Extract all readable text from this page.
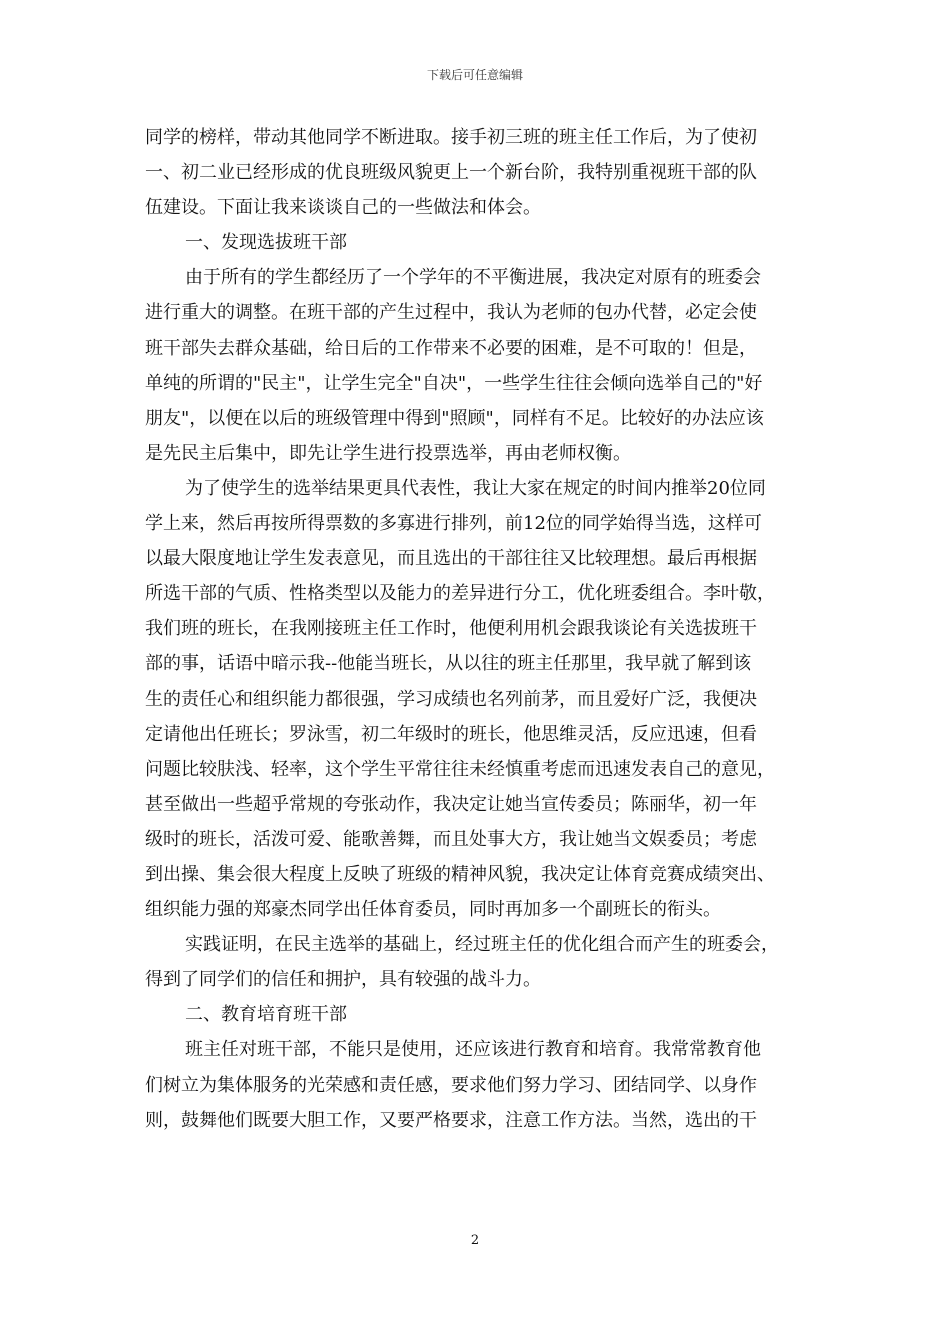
下载后可任意编辑
同学的榜样，带动其他同学不断进取。接手初三班的班主任工作后，为了使初
一、初二业已经形成的优良班级风貌更上一个新台阶，我特别重视班干部的队
伍建设。下面让我来谈谈自己的一些做法和体会。
一、发现选拔班干部
由于所有的学生都经历了一个学年的不平衡进展，我决定对原有的班委会
进行重大的调整。在班干部的产生过程中，我认为老师的包办代替，必定会使
班干部失去群众基础，给日后的工作带来不必要的困难，是不可取的！但是，
单纯的所谓的"民主"，让学生完全"自决"，一些学生往往会倾向选举自己的"好
朋友"，以便在以后的班级管理中得到"照顾"，同样有不足。比较好的办法应该
是先民主后集中，即先让学生进行投票选举，再由老师权衡。
为了使学生的选举结果更具代表性，我让大家在规定的时间内推举20位同
学上来，然后再按所得票数的多寡进行排列，前12位的同学始得当选，这样可
以最大限度地让学生发表意见，而且选出的干部往往又比较理想。最后再根据
所选干部的气质、性格类型以及能力的差异进行分工，优化班委组合。李叶敬，
我们班的班长，在我刚接班主任工作时，他便利用机会跟我谈论有关选拔班干
部的事，话语中暗示我--他能当班长，从以往的班主任那里，我早就了解到该
生的责任心和组织能力都很强，学习成绩也名列前茅，而且爱好广泛，我便决
定请他出任班长；罗泳雪，初二年级时的班长，他思维灵活，反应迅速，但看
问题比较肤浅、轻率，这个学生平常往往未经慎重考虑而迅速发表自己的意见，
甚至做出一些超乎常规的夸张动作，我决定让她当宣传委员；陈丽华，初一年
级时的班长，活泼可爱、能歌善舞，而且处事大方，我让她当文娱委员；考虑
到出操、集会很大程度上反映了班级的精神风貌，我决定让体育竞赛成绩突出、
组织能力强的郑豪杰同学出任体育委员，同时再加多一个副班长的衔头。
实践证明，在民主选举的基础上，经过班主任的优化组合而产生的班委会，
得到了同学们的信任和拥护，具有较强的战斗力。
二、教育培育班干部
班主任对班干部，不能只是使用，还应该进行教育和培育。我常常教育他
们树立为集体服务的光荣感和责任感，要求他们努力学习、团结同学、以身作
则，鼓舞他们既要大胆工作，又要严格要求，注意工作方法。当然，选出的干
2
